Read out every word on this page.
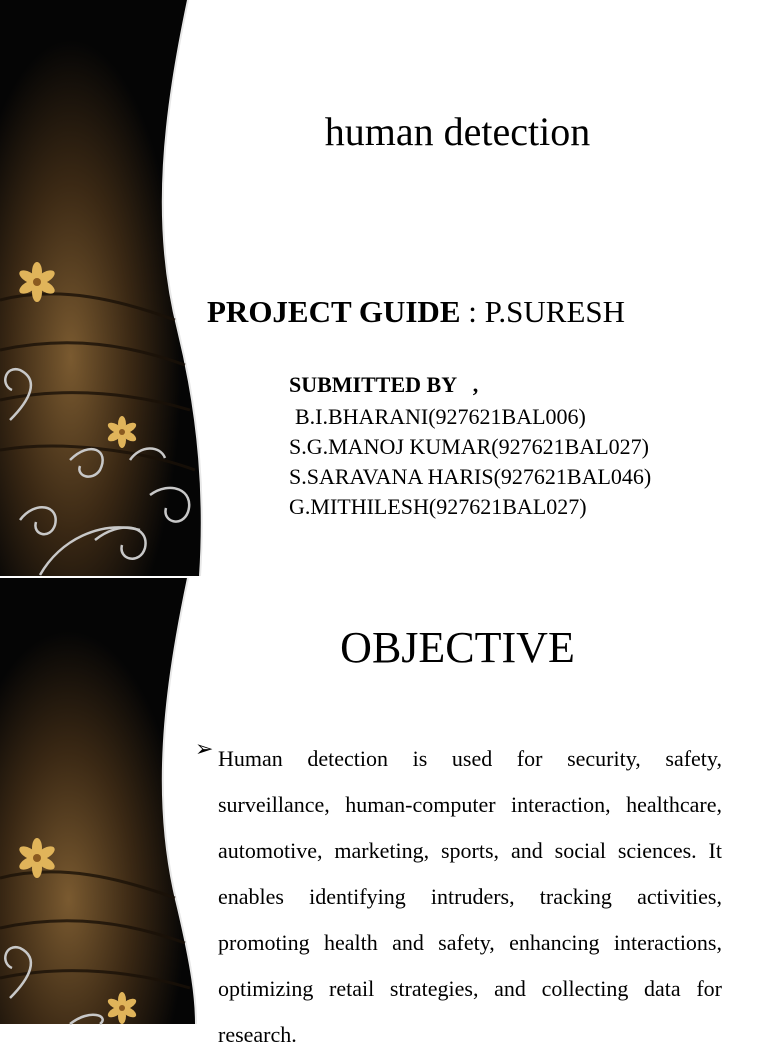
human detection
PROJECT GUIDE : P.SURESH
SUBMITTED BY   ,
B.I.BHARANI(927621BAL006)
S.G.MANOJ KUMAR(927621BAL027)
S.SARAVANA HARIS(927621BAL046)
G.MITHILESH(927621BAL027)
OBJECTIVE
➢ Human detection is used for security, safety, surveillance, human-computer interaction, healthcare, automotive, marketing, sports, and social sciences. It enables identifying intruders, tracking activities, promoting health and safety, enhancing interactions, optimizing retail strategies, and collecting data for research.
